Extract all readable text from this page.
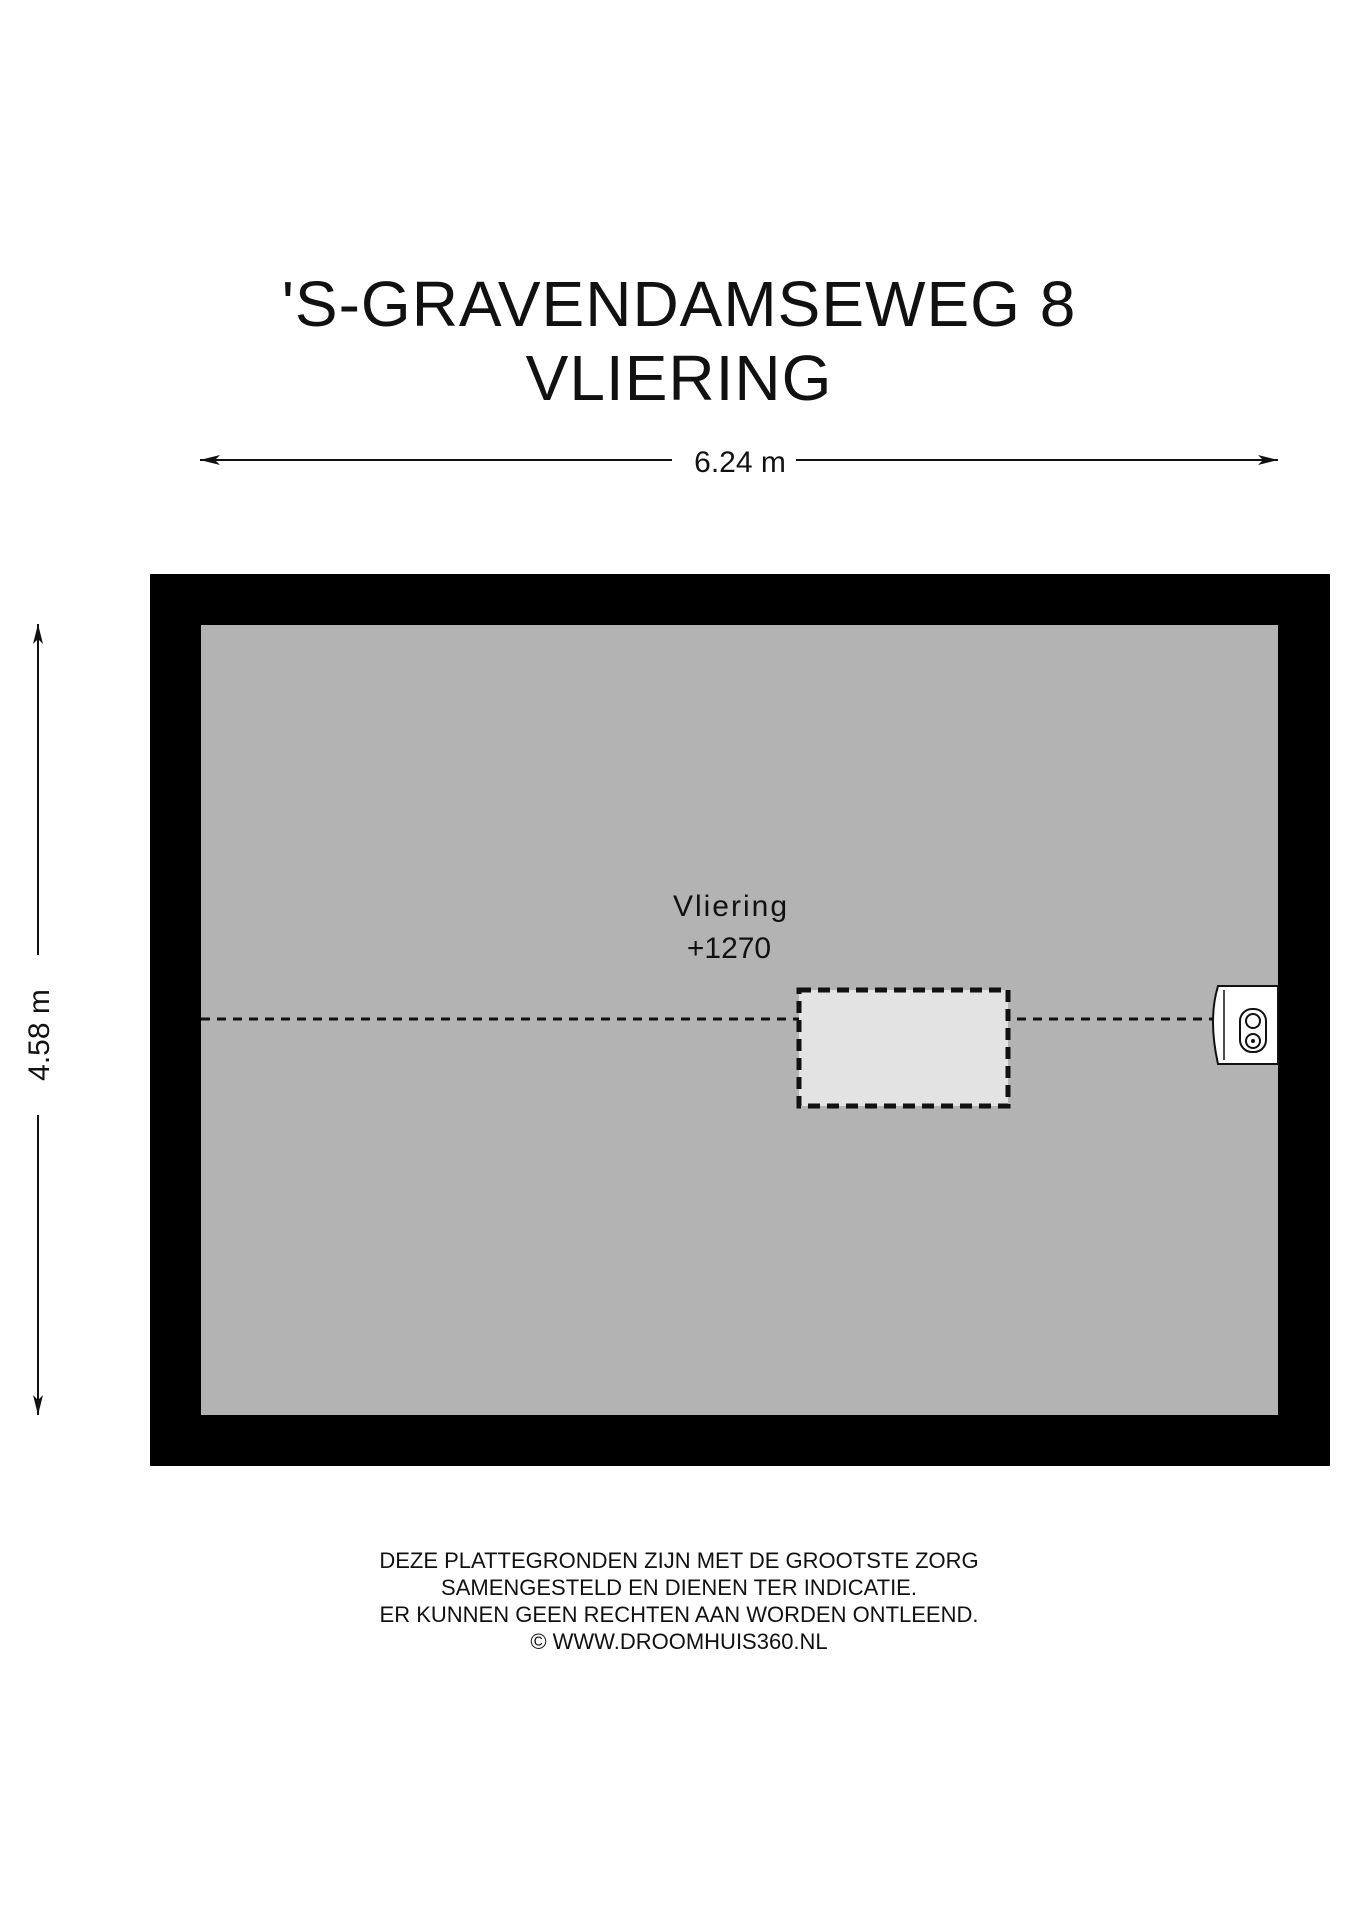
'S-GRAVENDAMSEWEG 8
VLIERING
6.24 m
4.58 m
Vliering
+1270
DEZE PLATTEGRONDEN ZIJN MET DE GROOTSTE ZORG
SAMENGESTELD EN DIENEN TER INDICATIE.
ER KUNNEN GEEN RECHTEN AAN WORDEN ONTLEEND.
© WWW.DROOMHUIS360.NL
